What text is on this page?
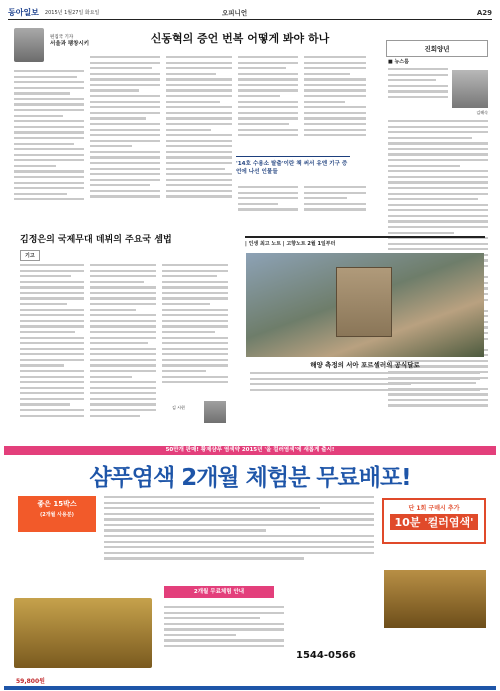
동아일보 2015년 1월27일 화요일	오피니언	A29
편집국 기자
서울과 팽창시키	신동혁의 증언 번복 어떻게 봐야 하나
'14호 수용소 탈출'이란 책 써서 유엔 기구 증언에 나선 인물들
진회양년
■ 뉴스룸
김해숙
김정은의 국제무대 데뷔의 주요국 셈법
기고
김 시현
| 인생 최고 노트 | 고향노트 2월 1일부터
해양 측정의 서아 포르셀러의 공식달로
50만개 판매! 황제샴푸 염색약 2015년 '올 컬러염색'에 새롭게 출시!
샴푸염색 2개월 체험분 무료배포!
좋은 15박스
(2개월 사용분)
단 1회 구매시 추가
10분 '컬러염색'
2개월 무료체험 안내
1544-0566
59,800원
